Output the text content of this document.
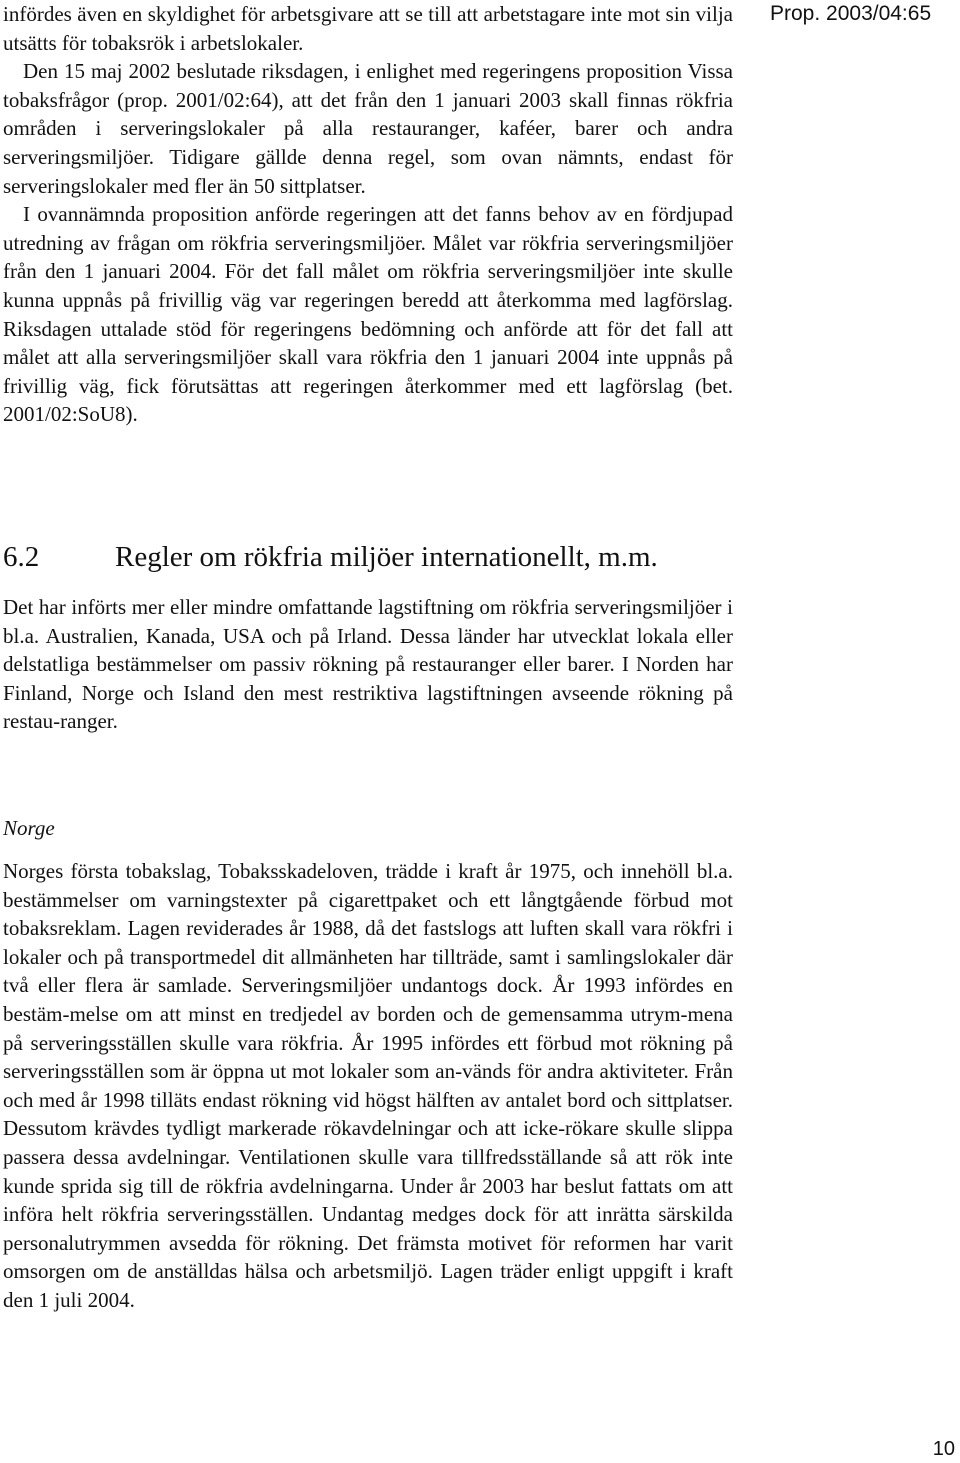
Prop. 2003/04:65

infördes även en skyldighet för arbetsgivare att se till att arbetstagare inte mot sin vilja utsätts för tobaksrök i arbetslokaler.

Den 15 maj 2002 beslutade riksdagen, i enlighet med regeringens proposition Vissa tobaksfrågor (prop. 2001/02:64), att det från den 1 januari 2003 skall finnas rökfria områden i serveringslokaler på alla restauranger, kaféer, barer och andra serveringsmiljöer. Tidigare gällde denna regel, som ovan nämnts, endast för serveringslokaler med fler än 50 sittplatser.

I ovannämnda proposition anförde regeringen att det fanns behov av en fördjupad utredning av frågan om rökfria serveringsmiljöer. Målet var rökfria serveringsmiljöer från den 1 januari 2004. För det fall målet om rökfria serveringsmiljöer inte skulle kunna uppnås på frivillig väg var regeringen beredd att återkomma med lagförslag. Riksdagen uttalade stöd för regeringens bedömning och anförde att för det fall att målet att alla serveringsmiljöer skall vara rökfria den 1 januari 2004 inte uppnås på frivillig väg, fick förutsättas att regeringen återkommer med ett lagförslag (bet. 2001/02:SoU8).

6.2	Regler om rökfria miljöer internationellt, m.m.

Det har införts mer eller mindre omfattande lagstiftning om rökfria serveringsmiljöer i bl.a. Australien, Kanada, USA och på Irland. Dessa länder har utvecklat lokala eller delstatliga bestämmelser om passiv rökning på restauranger eller barer. I Norden har Finland, Norge och Island den mest restriktiva lagstiftningen avseende rökning på restau-ranger.

Norge

Norges första tobakslag, Tobaksskadeloven, trädde i kraft år 1975, och innehöll bl.a. bestämmelser om varningstexter på cigarettpaket och ett långtgående förbud mot tobaksreklam. Lagen reviderades år 1988, då det fastslogs att luften skall vara rökfri i lokaler och på transportmedel dit allmänheten har tillträde, samt i samlingslokaler där två eller flera är samlade. Serveringsmiljöer undantogs dock. År 1993 infördes en bestäm-melse om att minst en tredjedel av borden och de gemensamma utrym-mena på serveringsställen skulle vara rökfria. År 1995 infördes ett förbud mot rökning på serveringsställen som är öppna ut mot lokaler som an-vänds för andra aktiviteter. Från och med år 1998 tilläts endast rökning vid högst hälften av antalet bord och sittplatser. Dessutom krävdes tydligt markerade rökavdelningar och att icke-rökare skulle slippa passera dessa avdelningar. Ventilationen skulle vara tillfredsställande så att rök inte kunde sprida sig till de rökfria avdelningarna. Under år 2003 har beslut fattats om att införa helt rökfria serveringsställen. Undantag medges dock för att inrätta särskilda personalutrymmen avsedda för rökning. Det främsta motivet för reformen har varit omsorgen om de anställdas hälsa och arbetsmiljö. Lagen träder enligt uppgift i kraft den 1 juli 2004.

10
